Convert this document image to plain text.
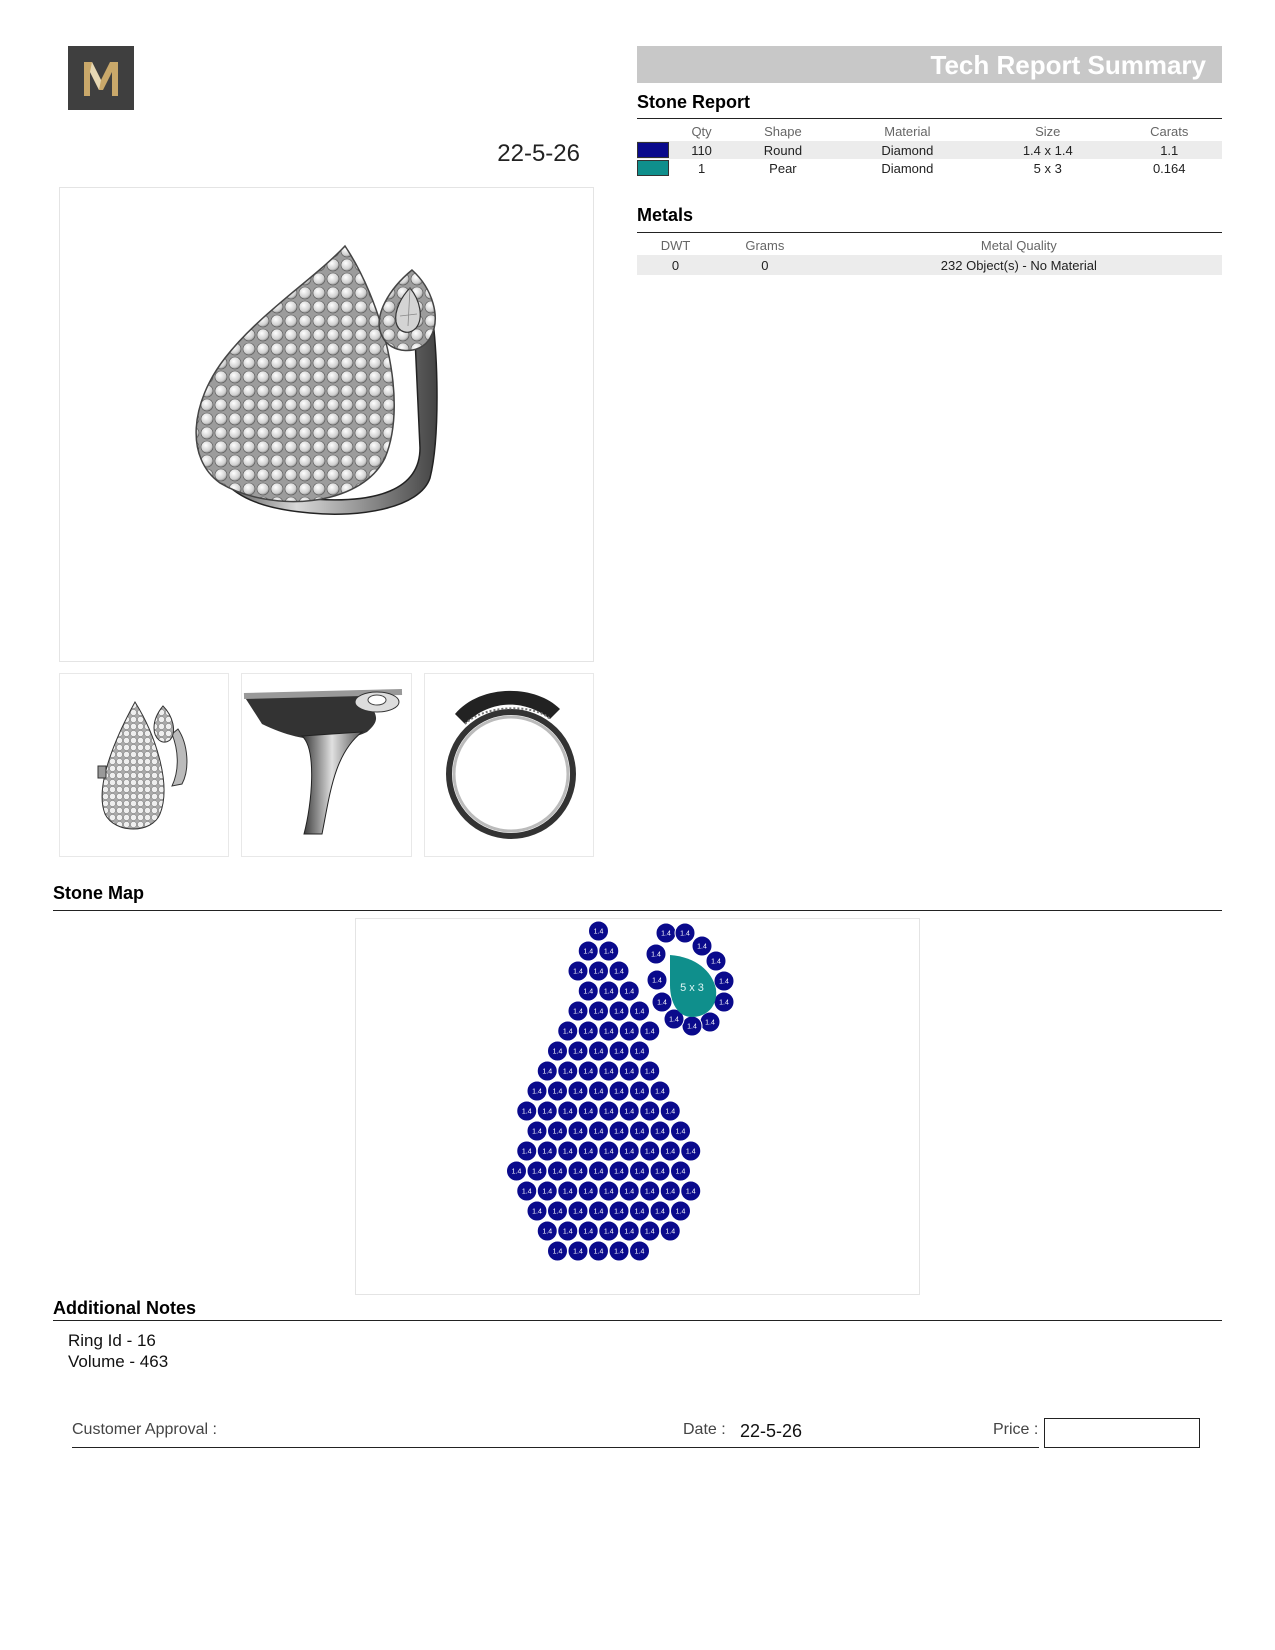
22-5-26
Tech Report Summary
Stone Report
	Qty	Shape	Material	Size	Carats
	110	Round	Diamond	1.4 x 1.4	1.1
	1	Pear	Diamond	5 x 3	0.164
Metals
DWT	Grams	Metal Quality
0	0	232 Object(s) - No Material
Stone Map
1.4
1.4 1.4
1.4 1.4 1.4
1.4 1.4 1.4
1.4 1.4 1.4 1.4
1.4 1.4 1.4 1.4 1.4
1.4 1.4 1.4 1.4 1.4
1.4 1.4 1.4 1.4 1.4 1.4
1.4 1.4 1.4 1.4 1.4 1.4 1.4
1.4 1.4 1.4 1.4 1.4 1.4 1.4 1.4
1.4 1.4 1.4 1.4 1.4 1.4 1.4 1.4
1.4 1.4 1.4 1.4 1.4 1.4 1.4 1.4 1.4
1.4 1.4 1.4 1.4 1.4 1.4 1.4 1.4 1.4
1.4 1.4 1.4 1.4 1.4 1.4 1.4 1.4 1.4
1.4 1.4 1.4 1.4 1.4 1.4 1.4 1.4
1.4 1.4 1.4 1.4 1.4 1.4 1.4
1.4 1.4 1.4 1.4 1.4
1.4 1.4
1.4
1.4
1.4
1.4
1.4
1.4
1.4
1.4
1.4
1.4
5 x 3
Additional Notes
Ring Id - 16
Volume - 463
Customer Approval :	Date : 22-5-26	Price :
